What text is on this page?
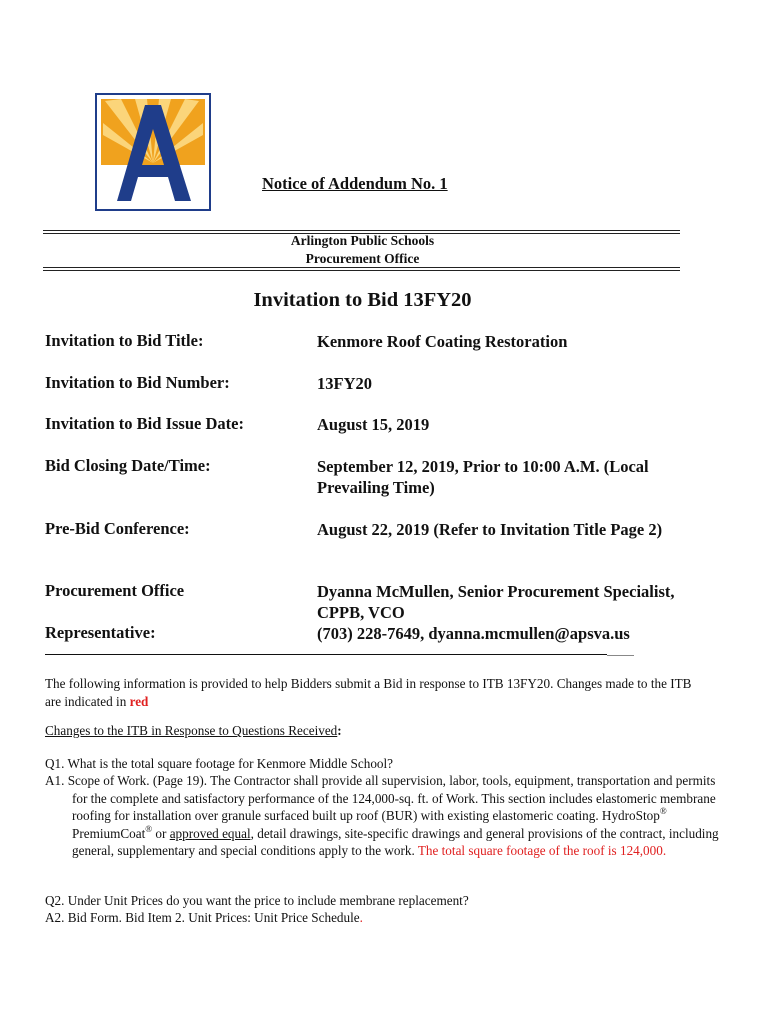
Notice of Addendum No. 1
Arlington Public Schools
Procurement Office
Invitation to Bid 13FY20
Invitation to Bid Title:	Kenmore Roof Coating Restoration
Invitation to Bid Number:	13FY20
Invitation to Bid Issue Date:	August 15, 2019
Bid Closing Date/Time:	September 12, 2019, Prior to 10:00 A.M. (Local
Prevailing Time)
Pre-Bid Conference:	August 22, 2019 (Refer to Invitation Title Page 2)
Procurement Office
Representative:
Dyanna McMullen, Senior Procurement Specialist,
CPPB, VCO
(703) 228-7649, dyanna.mcmullen@apsva.us
The following information is provided to help Bidders submit a Bid in response to ITB 13FY20. Changes made to the ITB are indicated in red
Changes to the ITB in Response to Questions Received:
Q1. What is the total square footage for Kenmore Middle School?
A1. Scope of Work. (Page 19). The Contractor shall provide all supervision, labor, tools, equipment, transportation and permits for the complete and satisfactory performance of the 124,000-sq. ft. of Work. This section includes elastomeric membrane roofing for installation over granule surfaced built up roof (BUR) with existing elastomeric coating. HydroStop® PremiumCoat® or approved equal, detail drawings, site-specific drawings and general provisions of the contract, including general, supplementary and special conditions apply to the work. The total square footage of the roof is 124,000.
Q2. Under Unit Prices do you want the price to include membrane replacement?
A2. Bid Form. Bid Item 2. Unit Prices: Unit Price Schedule.
